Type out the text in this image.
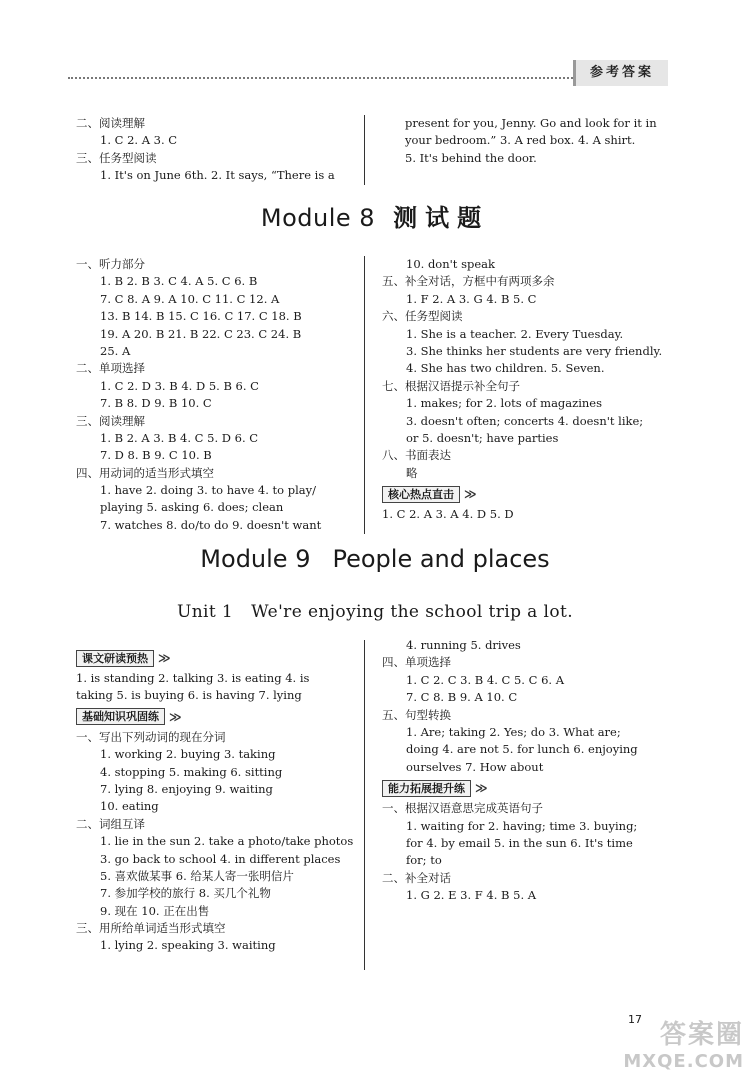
参考答案
二、阅读理解
1. C 2. A 3. C
三、任务型阅读
1. It's on June 6th. 2. It says, “There is a
present for you, Jenny. Go and look for it in
your bedroom.” 3. A red box. 4. A shirt.
5. It's behind the door.
Module 8 测试题
一、听力部分
1. B 2. B 3. C 4. A 5. C 6. B
7. C 8. A 9. A 10. C 11. C 12. A
13. B 14. B 15. C 16. C 17. C 18. B
19. A 20. B 21. B 22. C 23. C 24. B
25. A
二、单项选择
1. C 2. D 3. B 4. D 5. B 6. C
7. B 8. D 9. B 10. C
三、阅读理解
1. B 2. A 3. B 4. C 5. D 6. C
7. D 8. B 9. C 10. B
四、用动词的适当形式填空
1. have 2. doing 3. to have 4. to play/
playing 5. asking 6. does; clean
7. watches 8. do/to do 9. doesn't want
10. don't speak
五、补全对话，方框中有两项多余
1. F 2. A 3. G 4. B 5. C
六、任务型阅读
1. She is a teacher. 2. Every Tuesday.
3. She thinks her students are very friendly.
4. She has two children. 5. Seven.
七、根据汉语提示补全句子
1. makes; for 2. lots of magazines
3. doesn't often; concerts 4. doesn't like;
or 5. doesn't; have parties
八、书面表达
略
核心热点直击 ≫
1. C 2. A 3. A 4. D 5. D
Module 9 People and places
Unit 1 We're enjoying the school trip a lot.
课文研读预热 ≫
1. is standing 2. talking 3. is eating 4. is
taking 5. is buying 6. is having 7. lying
基础知识巩固练 ≫
一、写出下列动词的现在分词
1. working 2. buying 3. taking
4. stopping 5. making 6. sitting
7. lying 8. enjoying 9. waiting
10. eating
二、词组互译
1. lie in the sun 2. take a photo/take photos
3. go back to school 4. in different places
5. 喜欢做某事 6. 给某人寄一张明信片
7. 参加学校的旅行 8. 买几个礼物
9. 现在 10. 正在出售
三、用所给单词适当形式填空
1. lying 2. speaking 3. waiting
4. running 5. drives
四、单项选择
1. C 2. C 3. B 4. C 5. C 6. A
7. C 8. B 9. A 10. C
五、句型转换
1. Are; taking 2. Yes; do 3. What are;
doing 4. are not 5. for lunch 6. enjoying
ourselves 7. How about
能力拓展提升练 ≫
一、根据汉语意思完成英语句子
1. waiting for 2. having; time 3. buying;
for 4. by email 5. in the sun 6. It's time
for; to
二、补全对话
1. G 2. E 3. F 4. B 5. A
17
答案圈
MXQE.COM
